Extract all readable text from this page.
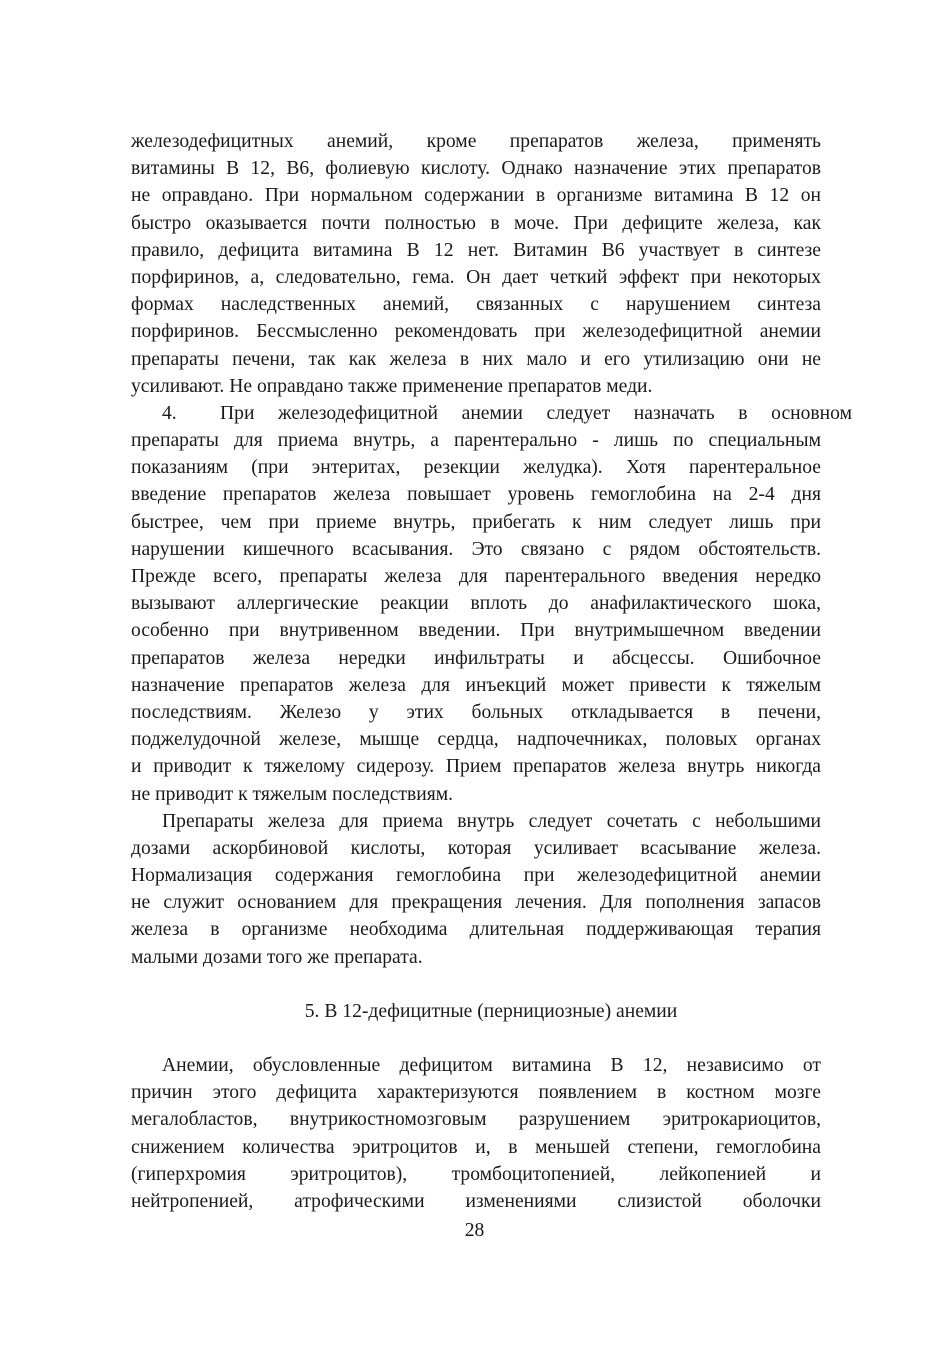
железодефицитных анемий, кроме препаратов железа, применять
витамины В 12, В6, фолиевую кислоту. Однако назначение этих препаратов
не оправдано. При нормальном содержании в организме витамина В 12 он
быстро оказывается почти полностью в моче. При дефиците железа, как
правило, дефицита витамина В 12 нет. Витамин В6 участвует в синтезе
порфиринов, а, следовательно, гема. Он дает четкий эффект при некоторых
формах наследственных анемий, связанных с нарушением синтеза
порфиринов. Бессмысленно рекомендовать при железодефицитной анемии
препараты печени, так как железа в них мало и его утилизацию они не
усиливают. Не оправдано также применение препаратов меди.
4. При железодефицитной анемии следует назначать в основном
препараты для приема внутрь, а парентерально - лишь по специальным
показаниям (при энтеритах, резекции желудка). Хотя парентеральное
введение препаратов железа повышает уровень гемоглобина на 2-4 дня
быстрее, чем при приеме внутрь, прибегать к ним следует лишь при
нарушении кишечного всасывания. Это связано с рядом обстоятельств.
Прежде всего, препараты железа для парентерального введения нередко
вызывают аллергические реакции вплоть до анафилактического шока,
особенно при внутривенном введении. При внутримышечном введении
препаратов железа нередки инфильтраты и абсцессы. Ошибочное
назначение препаратов железа для инъекций может привести к тяжелым
последствиям. Железо у этих больных откладывается в печени,
поджелудочной железе, мышце сердца, надпочечниках, половых органах
и приводит к тяжелому сидерозу. Прием препаратов железа внутрь никогда
не приводит к тяжелым последствиям.
Препараты железа для приема внутрь следует сочетать с небольшими
дозами аскорбиновой кислоты, которая усиливает всасывание железа.
Нормализация содержания гемоглобина при железодефицитной анемии
не служит основанием для прекращения лечения. Для пополнения запасов
железа в организме необходима длительная поддерживающая терапия
малыми дозами того же препарата.
5. В 12-дефицитные (пернициозные) анемии
Анемии, обусловленные дефицитом витамина В 12, независимо от
причин этого дефицита характеризуются появлением в костном мозге
мегалобластов, внутрикостномозговым разрушением эритрокариоцитов,
снижением количества эритроцитов и, в меньшей степени, гемоглобина
(гиперхромия эритроцитов), тромбоцитопенией, лейкопенией и
нейтропенией, атрофическими изменениями слизистой оболочки
28
